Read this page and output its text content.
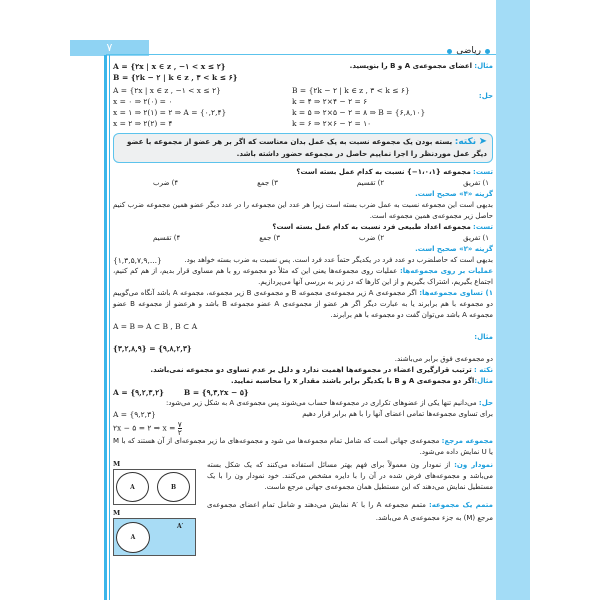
۷	ریاضی
مثال: اعضای مجموعه‌ی A و B را بنویسید.
A = {۲x | x ∈ z , −۱ < x ≤ ۲}
B = {۲k − ۲ | k ∈ z , ۳ < k ≤ ۶}
حل:
B = {۲k − ۲ | k ∈ z , ۳ < k ≤ ۶}
k = ۴ ⇒ ۲×۴ − ۲ = ۶
k = ۵ ⇒ ۲×۵ − ۲ = ۸ ⇒ B = {۶,۸,۱۰}
k = ۶ ⇒ ۲×۶ − ۲ = ۱۰
A = {۲x | x ∈ z , −۱ < x ≤ ۲}
x = ۰ ⇒ ۲(۰) = ۰
x = ۱ ⇒ ۲(۱) = ۲ ⇒ A = {۰,۲,۴}
x = ۲ ⇒ ۲(۲) = ۴
➤ نکته: بسته بودن یک مجموعه نسبت به یک عمل بدان معناست که اگر بر هر عضو از مجموعه با عضو دیگر عمل موردنظر را اجرا نماییم حاصل در مجموعه حضور داشته باشد.
تست: مجموعه {۱،۰،۱−} نسبت به کدام عمل بسته است؟
۱) تفریق
۲) تقسیم
۳) جمع
۴) ضرب
گزینه «۴» صحیح است.
بدیهی است این مجموعه نسبت به عمل ضرب بسته است زیرا هر عدد این مجموعه را در عدد دیگر عضو همین مجموعه ضرب کنیم حاصل زیر مجموعه‌ی همین مجموعه است.
تست: مجموعه اعداد طبیعی فرد نسبت به کدام عمل بسته است؟
۱) تفریق
۲) ضرب
۳) جمع
۴) تقسیم
گزینه «۲» صحیح است.
بدیهی است که حاصلضرب دو عدد فرد در یکدیگر حتماً عدد فرد است. پس نسبت به ضرب بسته خواهد بود.
{۱,۳,۵,۷,۹,...}
عملیات بر روی مجموعه‌ها: عملیات روی مجموعه‌ها یعنی این که مثلاً دو مجموعه رو با هم مساوی قرار بدیم، از هم کم کنیم، اجتماع بگیریم، اشتراک بگیریم و از این کارها که در زیر به بررسی آنها می‌پردازیم.
۱) تساوی مجموعه‌ها: اگر مجموعه‌ی A زیر مجموعه‌ی مجموعه B و مجموعه‌ی B زیر مجموعه، مجموعه A باشد آنگاه می‌گوییم دو مجموعه با هم برابرند یا به عبارت دیگر اگر هر عضو از مجموعه‌ی A عضو مجموعه B باشد و هرعضو از مجموعه B عضو مجموعه A باشد می‌توان گفت دو مجموعه با هم برابرند.
A = B ⇒ A ⊂ B , B ⊂ A
مثال:
{۳,۲,۸,۹} = {۹,۸,۲,۳}
دو مجموعه‌ی فوق برابر می‌باشند.
نکته : ترتیب قرارگیری اعضاء در مجموعه‌ها اهمیت ندارد و دلیل بر عدم تساوی دو مجموعه نمی‌باشد.
مثال:اگر دو مجموعه‌ی A و B با یکدیگر برابر باشند مقدار x را محاسبه نمایید.
B = {۹,۳,۲x − ۵}
A = {۹,۲,۳,۲}
حل: می‌دانیم تنها یکی از عضوهای تکراری در مجموعه‌ها حساب می‌شوند پس مجموعه‌ی A به شکل زیر می‌شود:
برای تساوی مجموعه‌ها تمامی اعضای آنها را با هم برابر قرار دهیم
A = {۹,۲,۳}
۲x − ۵ = ۲ ⇒ $x = \frac{۷}{۲}$
مجموعه مرجع: مجموعه‌ی جهانی است که شامل تمام مجموعه‌ها می شود و مجموعه‌های ما زیر مجموعه‌ای از آن هستند که با M یا U نمایش داده می‌شود.
نمودار ون: از نمودار ون معمولاً برای فهم بهتر مسائل استفاده می‌کنند که یک شکل بسته می‌باشد و مجموعه‌های فرض شده در آن را با دایره مشخص می‌کنند. خود نمودار ون را با یک مستطیل نمایش می‌دهند که این مستطیل همان مجموعه‌ی جهانی مرجع ماست.
متمم یک مجموعه: متمم مجموعه A را با ′A نمایش می‌دهند و شامل تمام اعضای مجموعه‌ی مرجع (M) به جزء مجموعه‌ی A می‌باشد.
M
A	B
M
A
A′
